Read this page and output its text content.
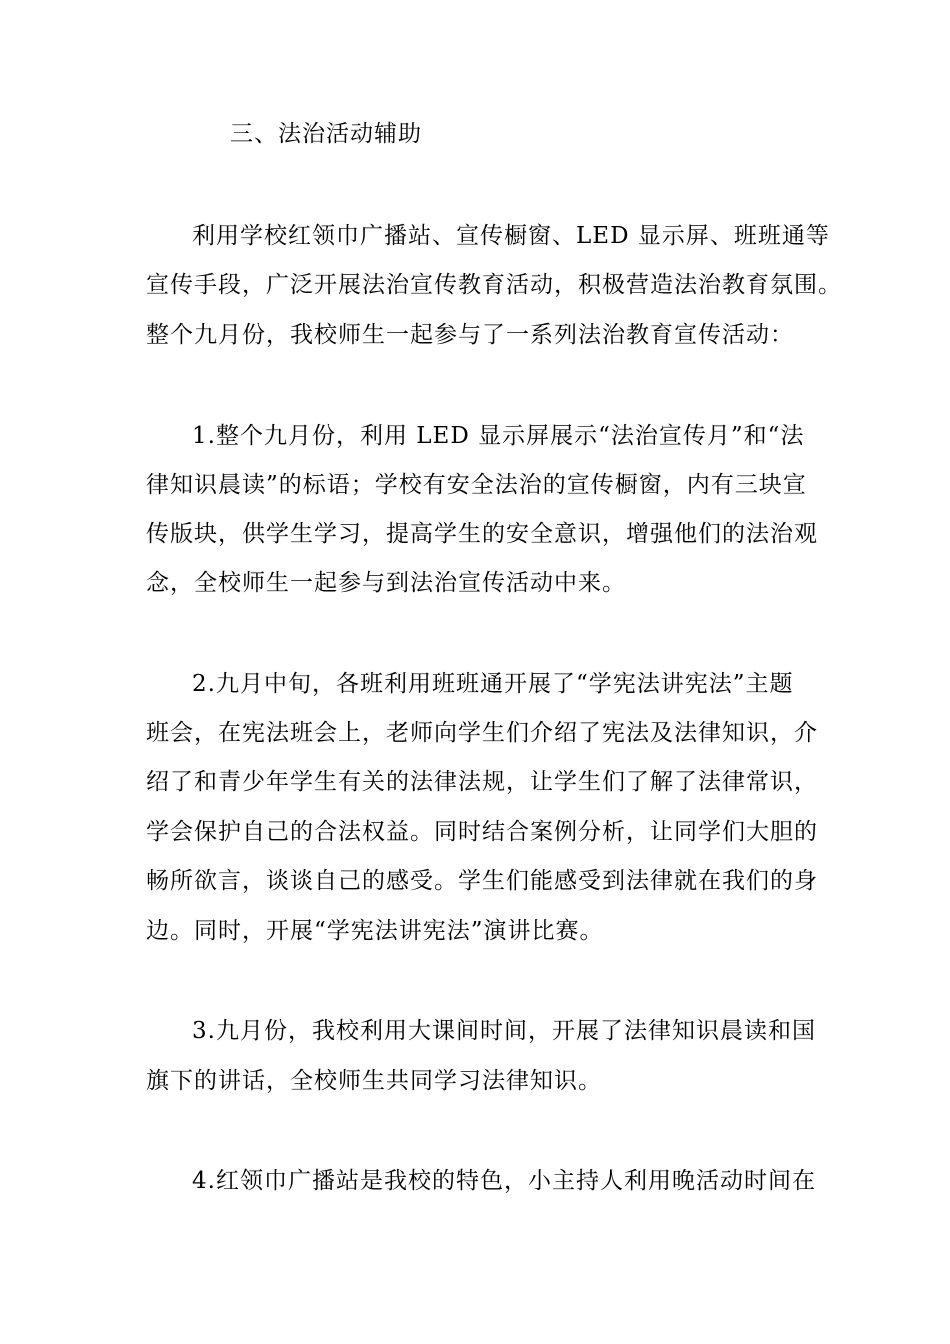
三、法治活动辅助
利用学校红领巾广播站、宣传橱窗、LED 显示屏、班班通等
宣传手段，广泛开展法治宣传教育活动，积极营造法治教育氛围。
整个九月份，我校师生一起参与了一系列法治教育宣传活动：
1.整个九月份，利用 LED 显示屏展示“法治宣传月”和“法
律知识晨读”的标语；学校有安全法治的宣传橱窗，内有三块宣
传版块，供学生学习，提高学生的安全意识，增强他们的法治观
念，全校师生一起参与到法治宣传活动中来。
2.九月中旬，各班利用班班通开展了“学宪法讲宪法”主题
班会，在宪法班会上，老师向学生们介绍了宪法及法律知识，介
绍了和青少年学生有关的法律法规，让学生们了解了法律常识，
学会保护自己的合法权益。同时结合案例分析，让同学们大胆的
畅所欲言，谈谈自己的感受。学生们能感受到法律就在我们的身
边。同时，开展“学宪法讲宪法”演讲比赛。
3.九月份，我校利用大课间时间，开展了法律知识晨读和国
旗下的讲话，全校师生共同学习法律知识。
4.红领巾广播站是我校的特色，小主持人利用晚活动时间在
